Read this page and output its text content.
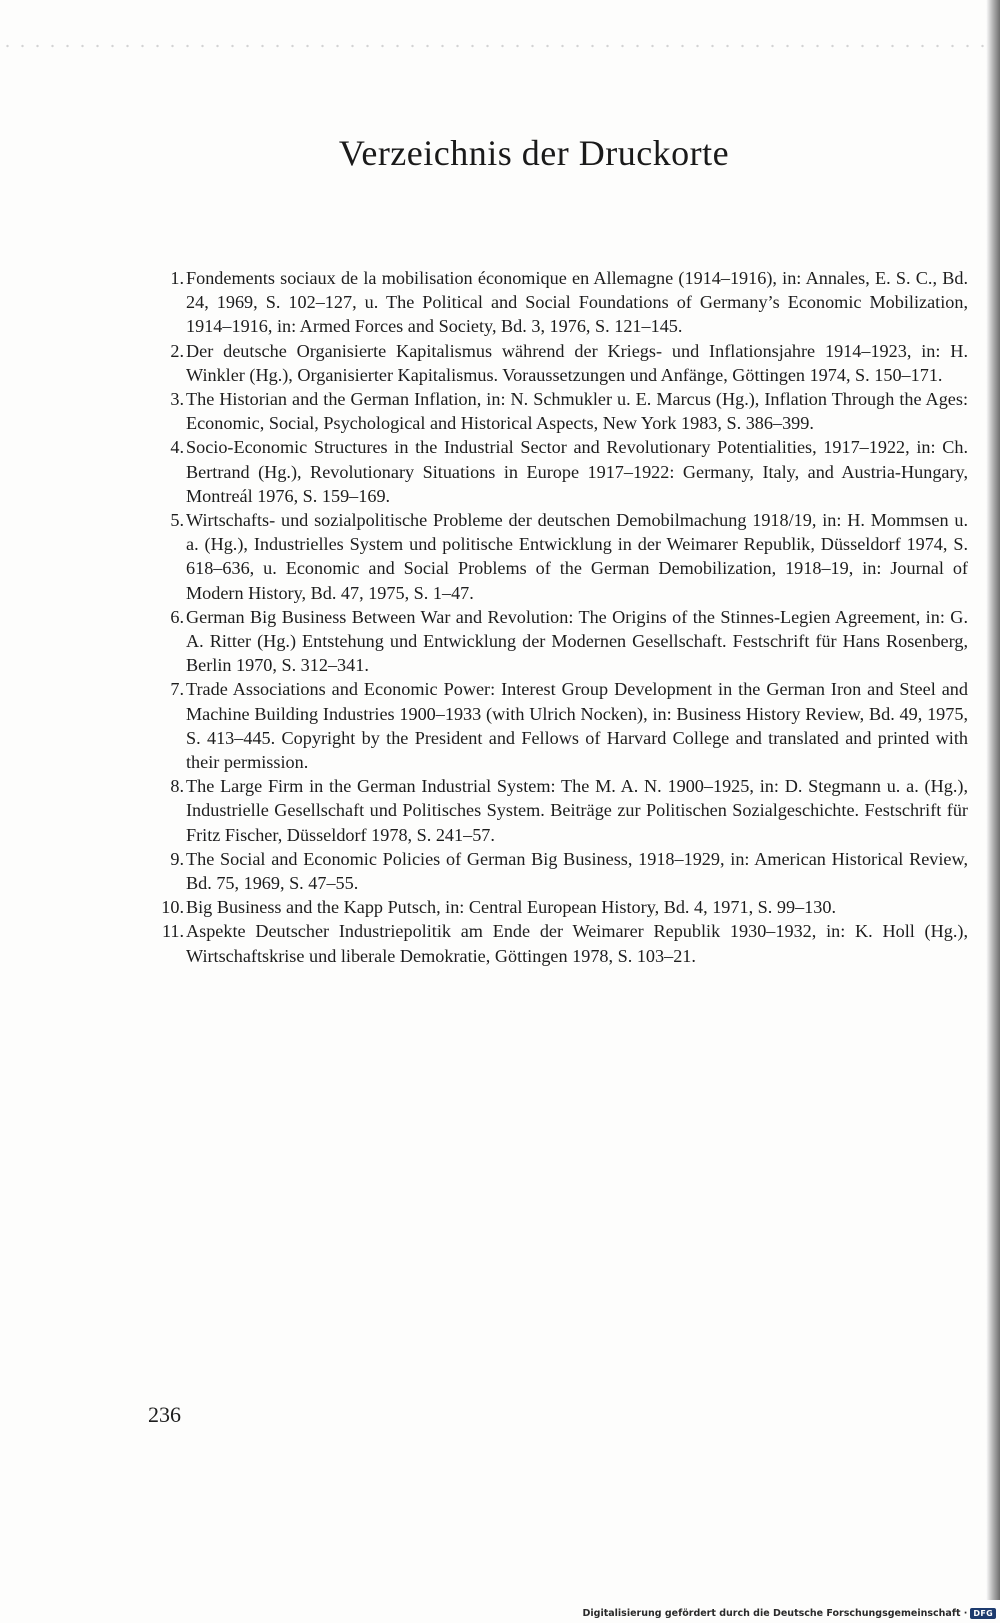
Verzeichnis der Druckorte
1. Fondements sociaux de la mobilisation économique en Allemagne (1914–1916), in: Annales, E. S. C., Bd. 24, 1969, S. 102–127, u. The Political and Social Foundations of Germany’s Economic Mobilization, 1914–1916, in: Armed Forces and Society, Bd. 3, 1976, S. 121–145.
2. Der deutsche Organisierte Kapitalismus während der Kriegs- und Inflationsjahre 1914–1923, in: H. Winkler (Hg.), Organisierter Kapitalismus. Voraussetzungen und Anfänge, Göttingen 1974, S. 150–171.
3. The Historian and the German Inflation, in: N. Schmukler u. E. Marcus (Hg.), Inflation Through the Ages: Economic, Social, Psychological and Historical Aspects, New York 1983, S. 386–399.
4. Socio-Economic Structures in the Industrial Sector and Revolutionary Potentialities, 1917–1922, in: Ch. Bertrand (Hg.), Revolutionary Situations in Europe 1917–1922: Germany, Italy, and Austria-Hungary, Montreál 1976, S. 159–169.
5. Wirtschafts- und sozialpolitische Probleme der deutschen Demobilmachung 1918/19, in: H. Mommsen u. a. (Hg.), Industrielles System und politische Entwicklung in der Weimarer Republik, Düsseldorf 1974, S. 618–636, u. Economic and Social Problems of the German Demobilization, 1918–19, in: Journal of Modern History, Bd. 47, 1975, S. 1–47.
6. German Big Business Between War and Revolution: The Origins of the Stinnes-Legien Agreement, in: G. A. Ritter (Hg.) Entstehung und Entwicklung der Modernen Gesellschaft. Festschrift für Hans Rosenberg, Berlin 1970, S. 312–341.
7. Trade Associations and Economic Power: Interest Group Development in the German Iron and Steel and Machine Building Industries 1900–1933 (with Ulrich Nocken), in: Business History Review, Bd. 49, 1975, S. 413–445. Copyright by the President and Fellows of Harvard College and translated and printed with their permission.
8. The Large Firm in the German Industrial System: The M. A. N. 1900–1925, in: D. Stegmann u. a. (Hg.), Industrielle Gesellschaft und Politisches System. Beiträge zur Politischen Sozialgeschichte. Festschrift für Fritz Fischer, Düsseldorf 1978, S. 241–57.
9. The Social and Economic Policies of German Big Business, 1918–1929, in: American Historical Review, Bd. 75, 1969, S. 47–55.
10. Big Business and the Kapp Putsch, in: Central European History, Bd. 4, 1971, S. 99–130.
11. Aspekte Deutscher Industriepolitik am Ende der Weimarer Republik 1930–1932, in: K. Holl (Hg.), Wirtschaftskrise und liberale Demokratie, Göttingen 1978, S. 103–21.
236
Digitalisierung gefördert durch die Deutsche Forschungsgemeinschaft · DFG
